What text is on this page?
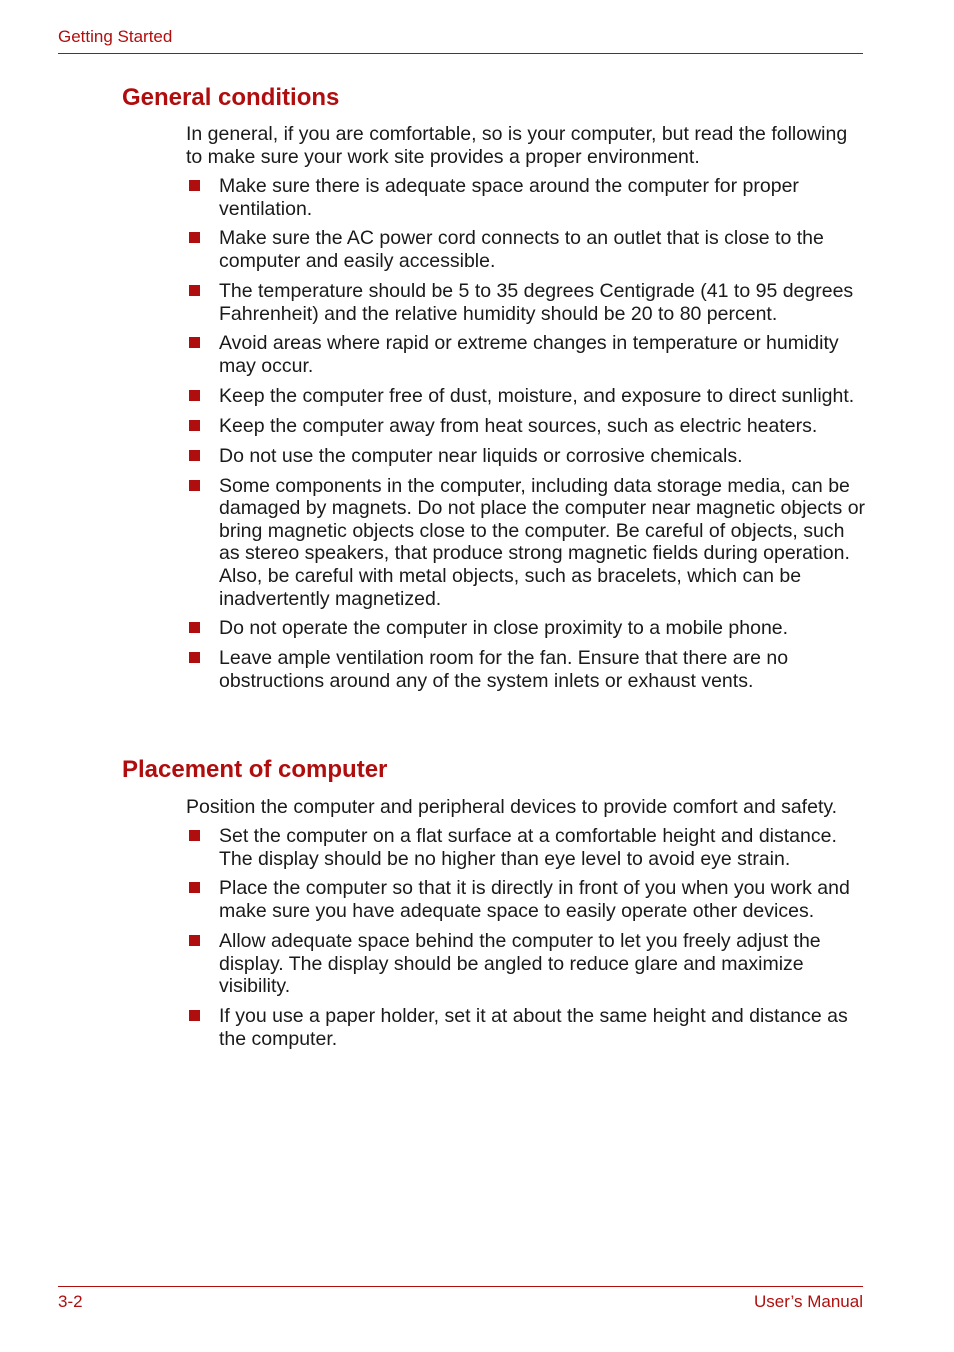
Getting Started
General conditions

In general, if you are comfortable, so is your computer, but read the following to make sure your work site provides a proper environment.

Make sure there is adequate space around the computer for proper ventilation.
Make sure the AC power cord connects to an outlet that is close to the computer and easily accessible.
The temperature should be 5 to 35 degrees Centigrade (41 to 95 degrees Fahrenheit) and the relative humidity should be 20 to 80 percent.
Avoid areas where rapid or extreme changes in temperature or humidity may occur.
Keep the computer free of dust, moisture, and exposure to direct sunlight.
Keep the computer away from heat sources, such as electric heaters.
Do not use the computer near liquids or corrosive chemicals.
Some components in the computer, including data storage media, can be damaged by magnets. Do not place the computer near magnetic objects or bring magnetic objects close to the computer. Be careful of objects, such as stereo speakers, that produce strong magnetic fields during operation. Also, be careful with metal objects, such as bracelets, which can be inadvertently magnetized.
Do not operate the computer in close proximity to a mobile phone.
Leave ample ventilation room for the fan. Ensure that there are no obstructions around any of the system inlets or exhaust vents.
Placement of computer

Position the computer and peripheral devices to provide comfort and safety.

Set the computer on a flat surface at a comfortable height and distance. The display should be no higher than eye level to avoid eye strain.
Place the computer so that it is directly in front of you when you work and make sure you have adequate space to easily operate other devices.
Allow adequate space behind the computer to let you freely adjust the display. The display should be angled to reduce glare and maximize visibility.
If you use a paper holder, set it at about the same height and distance as the computer.
3-2	User’s Manual
